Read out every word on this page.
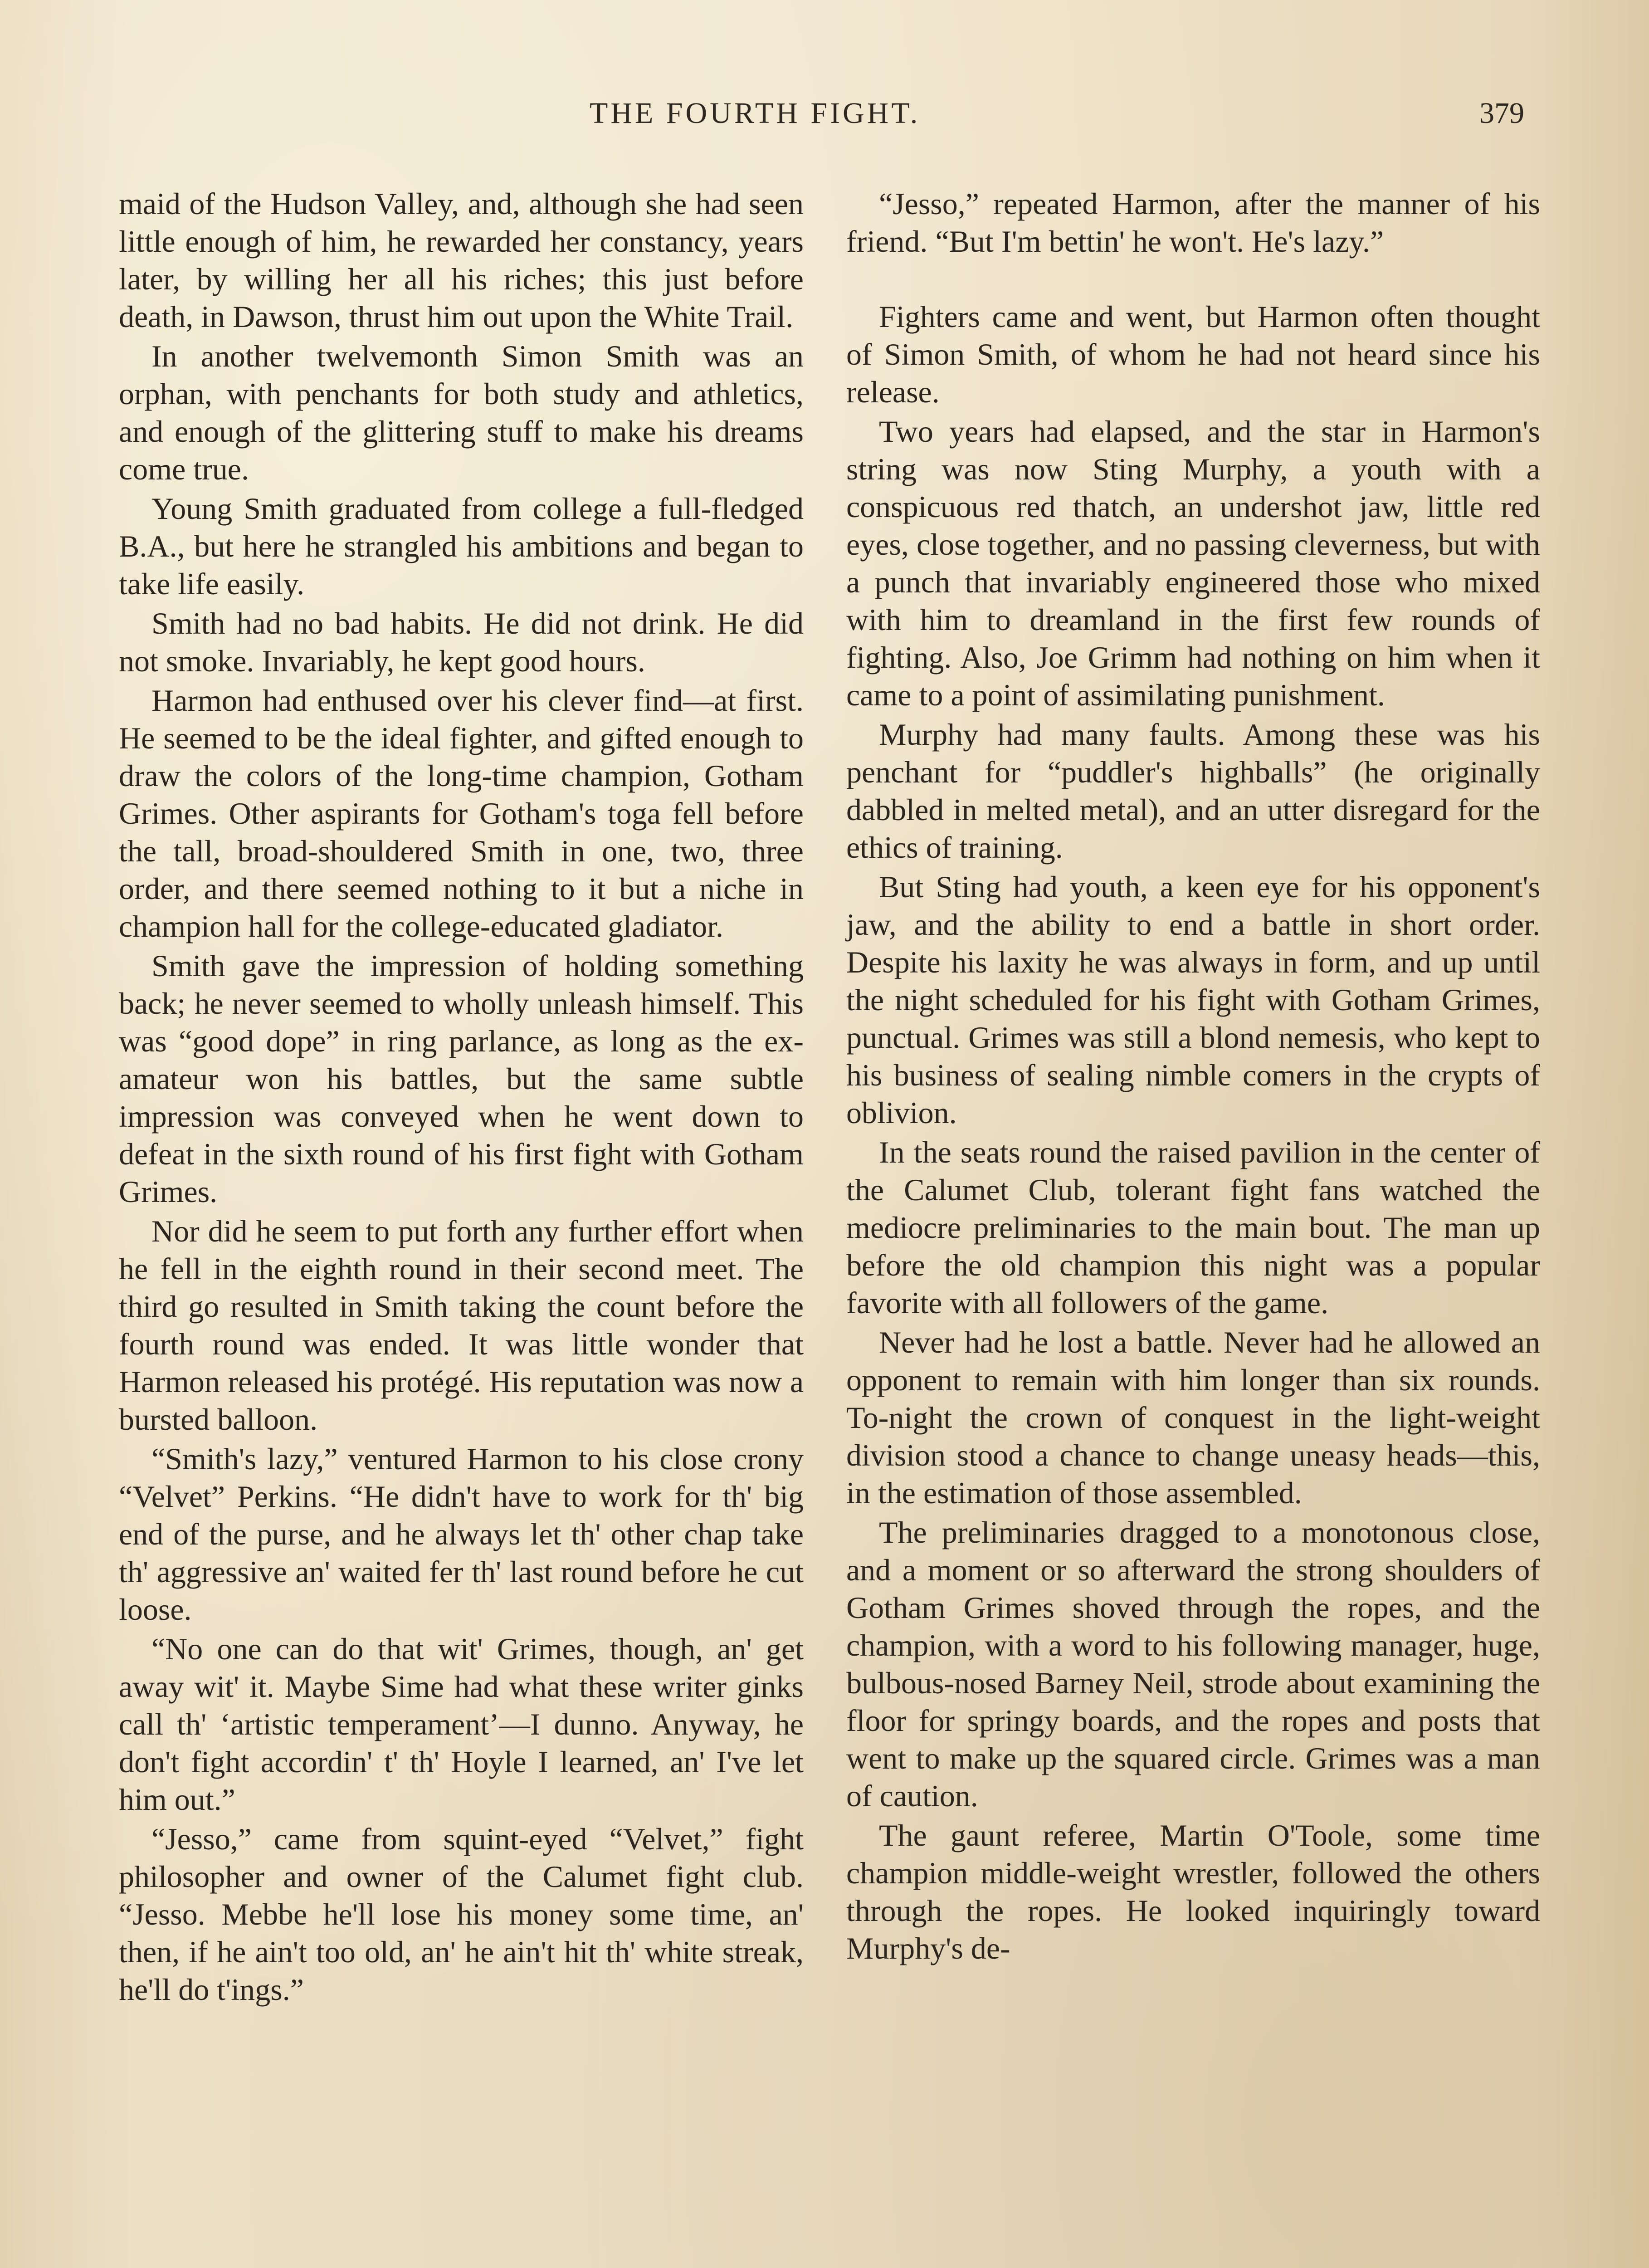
THE FOURTH FIGHT.	379

maid of the Hudson Valley, and, although she had seen little enough of him, he rewarded her constancy, years later, by willing her all his riches; this just before death, in Dawson, thrust him out upon the White Trail.

In another twelvemonth Simon Smith was an orphan, with penchants for both study and athletics, and enough of the glittering stuff to make his dreams come true.

Young Smith graduated from college a full-fledged B.A., but here he strangled his ambitions and began to take life easily.

Smith had no bad habits. He did not drink. He did not smoke. Invariably, he kept good hours.

Harmon had enthused over his clever find—at first. He seemed to be the ideal fighter, and gifted enough to draw the colors of the long-time champion, Gotham Grimes. Other aspirants for Gotham's toga fell before the tall, broad-shouldered Smith in one, two, three order, and there seemed nothing to it but a niche in champion hall for the college-educated gladiator.

Smith gave the impression of holding something back; he never seemed to wholly unleash himself. This was “good dope” in ring parlance, as long as the ex-amateur won his battles, but the same subtle impression was conveyed when he went down to defeat in the sixth round of his first fight with Gotham Grimes.

Nor did he seem to put forth any further effort when he fell in the eighth round in their second meet. The third go resulted in Smith taking the count before the fourth round was ended. It was little wonder that Harmon released his protégé. His reputation was now a bursted balloon.

“Smith's lazy,” ventured Harmon to his close crony “Velvet” Perkins. “He didn't have to work for th' big end of the purse, and he always let th' other chap take th' aggressive an' waited fer th' last round before he cut loose.

“No one can do that wit' Grimes, though, an' get away wit' it. Maybe Sime had what these writer ginks call th' ‘artistic temperament’—I dunno. Anyway, he don't fight accordin' t' th' Hoyle I learned, an' I've let him out.”

“Jesso,” came from squint-eyed “Velvet,” fight philosopher and owner of the Calumet fight club. “Jesso. Mebbe he'll lose his money some time, an' then, if he ain't too old, an' he ain't hit th' white streak, he'll do t'ings.”

“Jesso,” repeated Harmon, after the manner of his friend. “But I'm bettin' he won't. He's lazy.”

Fighters came and went, but Harmon often thought of Simon Smith, of whom he had not heard since his release.

Two years had elapsed, and the star in Harmon's string was now Sting Murphy, a youth with a conspicuous red thatch, an undershot jaw, little red eyes, close together, and no passing cleverness, but with a punch that invariably engineered those who mixed with him to dreamland in the first few rounds of fighting. Also, Joe Grimm had nothing on him when it came to a point of assimilating punishment.

Murphy had many faults. Among these was his penchant for “puddler's highballs” (he originally dabbled in melted metal), and an utter disregard for the ethics of training.

But Sting had youth, a keen eye for his opponent's jaw, and the ability to end a battle in short order. Despite his laxity he was always in form, and up until the night scheduled for his fight with Gotham Grimes, punctual. Grimes was still a blond nemesis, who kept to his business of sealing nimble comers in the crypts of oblivion.

In the seats round the raised pavilion in the center of the Calumet Club, tolerant fight fans watched the mediocre preliminaries to the main bout. The man up before the old champion this night was a popular favorite with all followers of the game.

Never had he lost a battle. Never had he allowed an opponent to remain with him longer than six rounds. To-night the crown of conquest in the light-weight division stood a chance to change uneasy heads—this, in the estimation of those assembled.

The preliminaries dragged to a monotonous close, and a moment or so afterward the strong shoulders of Gotham Grimes shoved through the ropes, and the champion, with a word to his following manager, huge, bulbous-nosed Barney Neil, strode about examining the floor for springy boards, and the ropes and posts that went to make up the squared circle. Grimes was a man of caution.

The gaunt referee, Martin O'Toole, some time champion middle-weight wrestler, followed the others through the ropes. He looked inquiringly toward Murphy's de-
